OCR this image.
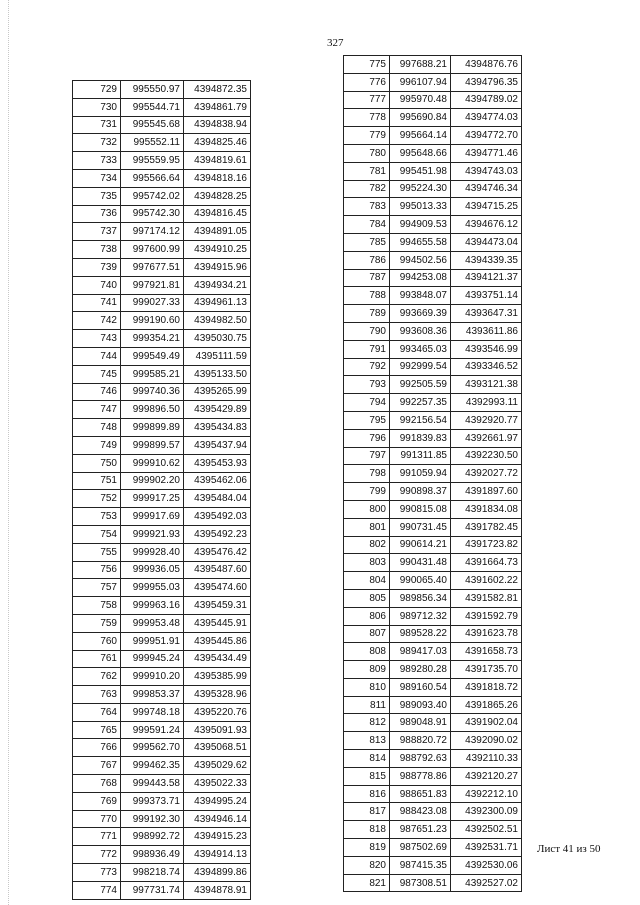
327
729	995550.97	4394872.35
730	995544.71	4394861.79
731	995545.68	4394838.94
732	995552.11	4394825.46
733	995559.95	4394819.61
734	995566.64	4394818.16
735	995742.02	4394828.25
736	995742.30	4394816.45
737	997174.12	4394891.05
738	997600.99	4394910.25
739	997677.51	4394915.96
740	997921.81	4394934.21
741	999027.33	4394961.13
742	999190.60	4394982.50
743	999354.21	4395030.75
744	999549.49	4395111.59
745	999585.21	4395133.50
746	999740.36	4395265.99
747	999896.50	4395429.89
748	999899.89	4395434.83
749	999899.57	4395437.94
750	999910.62	4395453.93
751	999902.20	4395462.06
752	999917.25	4395484.04
753	999917.69	4395492.03
754	999921.93	4395492.23
755	999928.40	4395476.42
756	999936.05	4395487.60
757	999955.03	4395474.60
758	999963.16	4395459.31
759	999953.48	4395445.91
760	999951.91	4395445.86
761	999945.24	4395434.49
762	999910.20	4395385.99
763	999853.37	4395328.96
764	999748.18	4395220.76
765	999591.24	4395091.93
766	999562.70	4395068.51
767	999462.35	4395029.62
768	999443.58	4395022.33
769	999373.71	4394995.24
770	999192.30	4394946.14
771	998992.72	4394915.23
772	998936.49	4394914.13
773	998218.74	4394899.86
774	997731.74	4394878.91
775	997688.21	4394876.76
776	996107.94	4394796.35
777	995970.48	4394789.02
778	995690.84	4394774.03
779	995664.14	4394772.70
780	995648.66	4394771.46
781	995451.98	4394743.03
782	995224.30	4394746.34
783	995013.33	4394715.25
784	994909.53	4394676.12
785	994655.58	4394473.04
786	994502.56	4394339.35
787	994253.08	4394121.37
788	993848.07	4393751.14
789	993669.39	4393647.31
790	993608.36	4393611.86
791	993465.03	4393546.99
792	992999.54	4393346.52
793	992505.59	4393121.38
794	992257.35	4392993.11
795	992156.54	4392920.77
796	991839.83	4392661.97
797	991311.85	4392230.50
798	991059.94	4392027.72
799	990898.37	4391897.60
800	990815.08	4391834.08
801	990731.45	4391782.45
802	990614.21	4391723.82
803	990431.48	4391664.73
804	990065.40	4391602.22
805	989856.34	4391582.81
806	989712.32	4391592.79
807	989528.22	4391623.78
808	989417.03	4391658.73
809	989280.28	4391735.70
810	989160.54	4391818.72
811	989093.40	4391865.26
812	989048.91	4391902.04
813	988820.72	4392090.02
814	988792.63	4392110.33
815	988778.86	4392120.27
816	988651.83	4392212.10
817	988423.08	4392300.09
818	987651.23	4392502.51
819	987502.69	4392531.71
820	987415.35	4392530.06
821	987308.51	4392527.02
Лист 41 из 50
